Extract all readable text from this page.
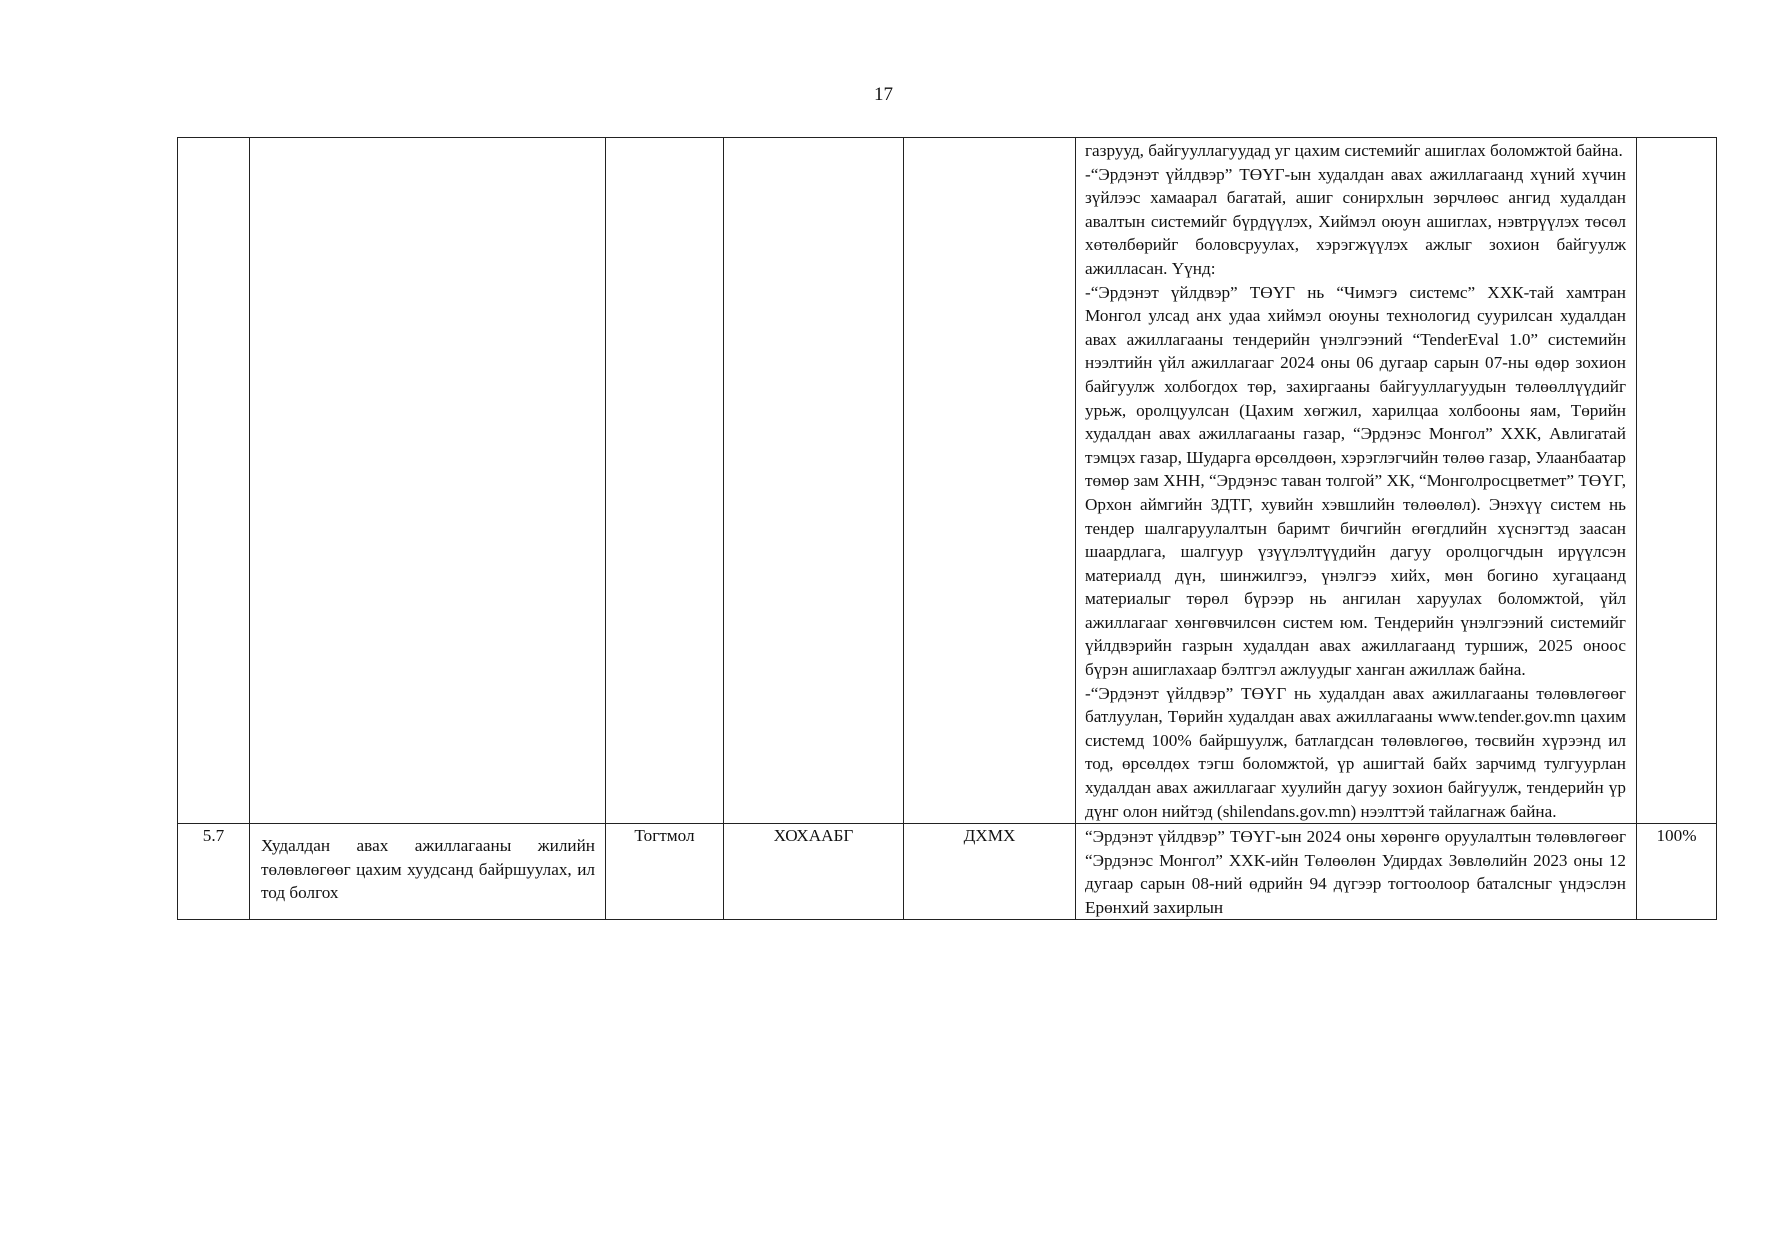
17

					газрууд, байгууллагуудад уг цахим системийг ашиглах боломжтой байна.

-“Эрдэнэт үйлдвэр” ТӨҮГ-ын худалдан авах ажиллагаанд хүний хүчин зүйлээс хамаарал багатай, ашиг сонирхлын зөрчлөөс ангид худалдан авалтын системийг бүрдүүлэх, Хиймэл оюун ашиглах, нэвтрүүлэх төсөл хөтөлбөрийг боловсруулах, хэрэгжүүлэх ажлыг зохион байгуулж ажилласан. Үүнд:

-“Эрдэнэт үйлдвэр” ТӨҮГ нь “Чимэгэ системс” ХХК-тай хамтран Монгол улсад анх удаа хиймэл оюуны технологид суурилсан худалдан авах ажиллагааны тендерийн үнэлгээний “TenderEval 1.0” системийн нээлтийн үйл ажиллагааг 2024 оны 06 дугаар сарын 07-ны өдөр зохион байгуулж холбогдох төр, захиргааны байгууллагуудын төлөөллүүдийг урьж, оролцуулсан (Цахим хөгжил, харилцаа холбооны яам, Төрийн худалдан авах ажиллагааны газар, “Эрдэнэс Монгол” ХХК, Авлигатай тэмцэх газар, Шударга өрсөлдөөн, хэрэглэгчийн төлөө газар, Улаанбаатар төмөр зам ХНН, “Эрдэнэс таван толгой” ХК, “Монголросцветмет” ТӨҮГ, Орхон аймгийн ЗДТГ, хувийн хэвшлийн төлөөлөл). Энэхүү систем нь тендер шалгаруулалтын баримт бичгийн өгөгдлийн хүснэгтэд заасан шаардлага, шалгуур үзүүлэлтүүдийн дагуу оролцогчдын ирүүлсэн материалд дүн, шинжилгээ, үнэлгээ хийх, мөн богино хугацаанд материалыг төрөл бүрээр нь ангилан харуулах боломжтой, үйл ажиллагааг хөнгөвчилсөн систем юм. Тендерийн үнэлгээний системийг үйлдвэрийн газрын худалдан авах ажиллагаанд туршиж, 2025 оноос бүрэн ашиглахаар бэлтгэл ажлуудыг ханган ажиллаж байна.

-“Эрдэнэт үйлдвэр” ТӨҮГ нь худалдан авах ажиллагааны төлөвлөгөөг батлуулан, Төрийн худалдан авах ажиллагааны www.tender.gov.mn цахим системд 100% байршуулж, батлагдсан төлөвлөгөө, төсвийн хүрээнд ил тод, өрсөлдөх тэгш боломжтой, үр ашигтай байх зарчимд тулгуурлан худалдан авах ажиллагааг хуулийн дагуу зохион байгуулж, тендерийн үр дүнг олон нийтэд (shilendans.gov.mn) нээлттэй тайлагнаж байна.	

5.7	Худалдан авах ажиллагааны жилийн төлөвлөгөөг цахим хуудсанд байршуулах, ил тод болгох	Тогтмол	ХОХААБГ	ДХМХ	“Эрдэнэт үйлдвэр” ТӨҮГ-ын 2024 оны хөрөнгө оруулалтын төлөвлөгөөг “Эрдэнэс Монгол” ХХК-ийн Төлөөлөн Удирдах Зөвлөлийн 2023 оны 12 дугаар сарын 08-ний өдрийн 94 дүгээр тогтоолоор баталсныг үндэслэн Ерөнхий захирлын	100%
